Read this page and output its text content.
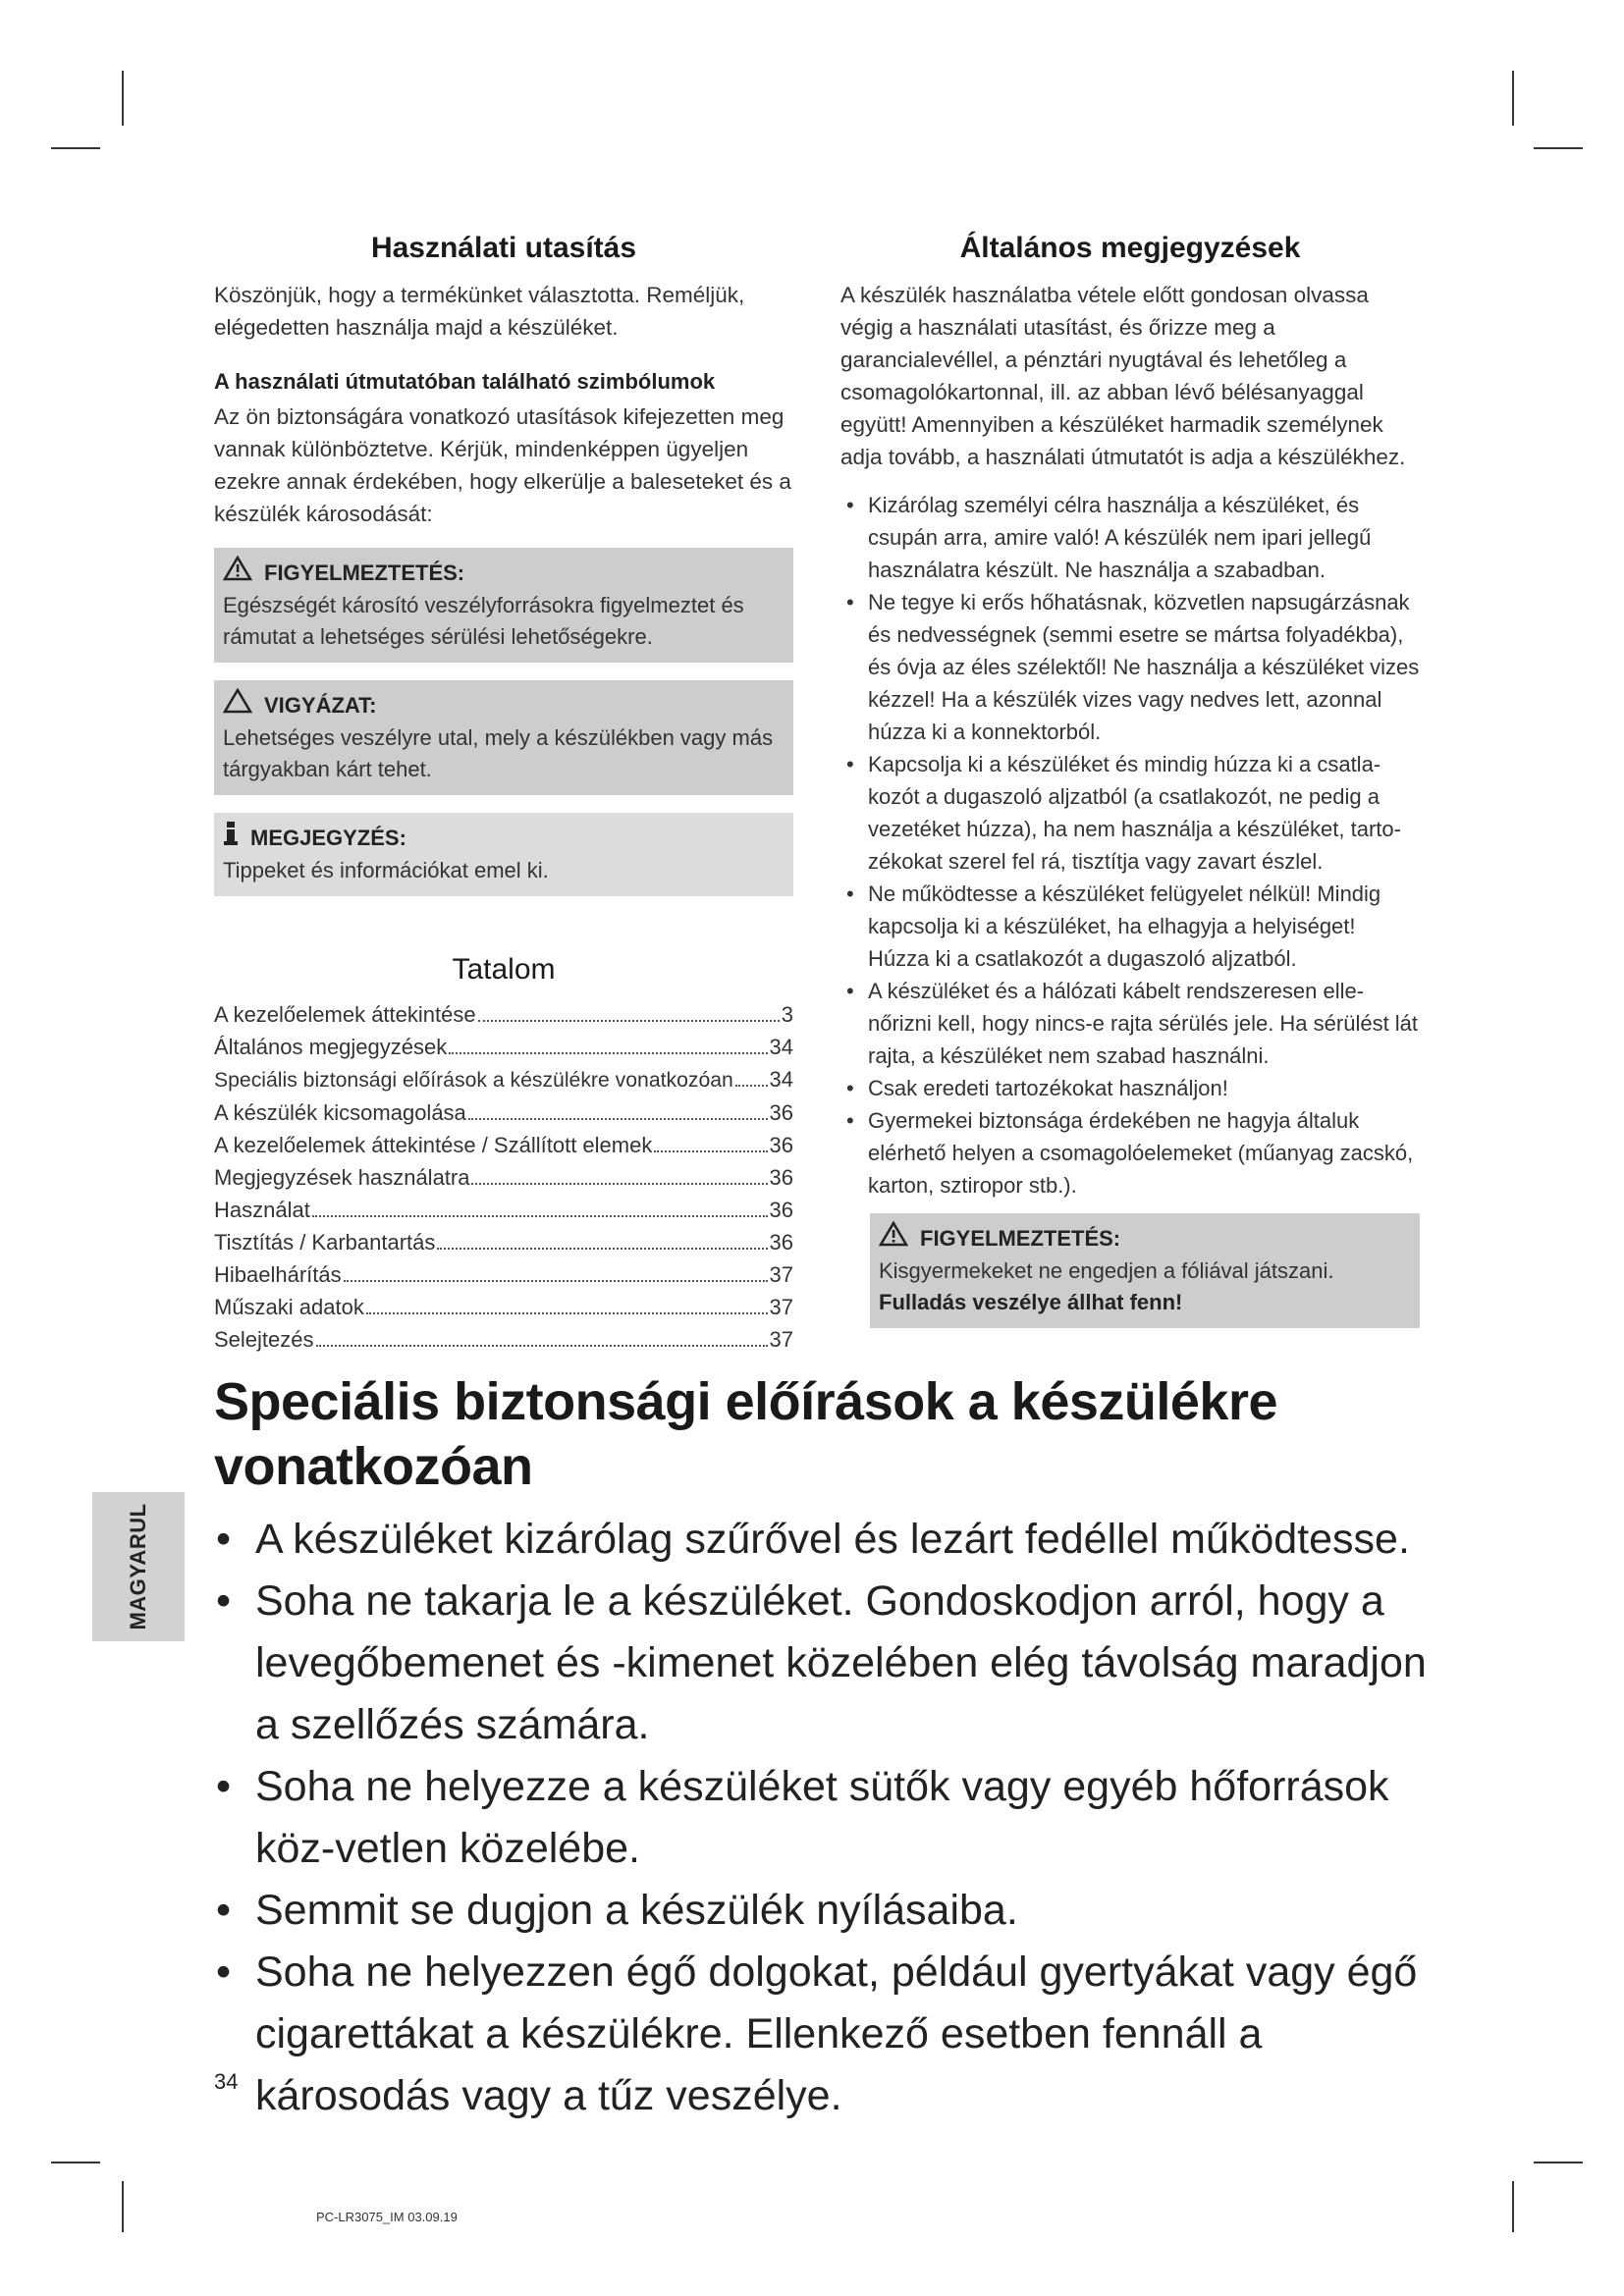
Használati utasítás

Köszönjük, hogy a termékünket választotta. Reméljük, elégedetten használja majd a készüléket.

A használati útmutatóban található szimbólumok

Az ön biztonságára vonatkozó utasítások kifejezetten meg vannak különböztetve. Kérjük, mindenképpen ügyeljen ezekre annak érdekében, hogy elkerülje a baleseteket és a készülék károsodását:

FIGYELMEZTETÉS:
Egészségét károsító veszélyforrásokra figyelmeztet és rámutat a lehetséges sérülési lehetőségekre.
VIGYÁZAT:
Lehetséges veszélyre utal, mely a készülékben vagy más tárgyakban kárt tehet.
MEGJEGYZÉS:
Tippeket és információkat emel ki.
Tatalom
A kezelőelemek áttekintése	3
Általános megjegyzések	34
Speciális biztonsági előírások a készülékre vonatkozóan 34
A készülék kicsomagolása	36
A kezelőelemek áttekintése / Szállított elemek	36
Megjegyzések használatra	36
Használat	36
Tisztítás / Karbantartás	36
Hibaelhárítás	37
Műszaki adatok	37
Selejtezés	37
Általános megjegyzések

A készülék használatba vétele előtt gondosan olvassa végig a használati utasítást, és őrizze meg a garancialevéllel, a pénztári nyugtával és lehetőleg a csomagolókartonnal, ill. az abban lévő bélésanyaggal együtt! Amennyiben a készüléket harmadik személynek adja tovább, a használati útmutatót is adja a készülékhez.

• Kizárólag személyi célra használja a készüléket, és csupán arra, amire való! A készülék nem ipari jellegű használatra készült. Ne használja a szabadban.
• Ne tegye ki erős hőhatásnak, közvetlen napsugárzásnak és nedvességnek (semmi esetre se mártsa folyadékba), és óvja az éles szélektől! Ne használja a készüléket vizes kézzel! Ha a készülék vizes vagy nedves lett, azonnal húzza ki a konnektorból.
• Kapcsolja ki a készüléket és mindig húzza ki a csatla-kozót a dugaszoló aljzatból (a csatlakozót, ne pedig a vezetéket húzza), ha nem használja a készüléket, tarto-zékokat szerel fel rá, tisztítja vagy zavart észlel.
• Ne működtesse a készüléket felügyelet nélkül! Mindig kapcsolja ki a készüléket, ha elhagyja a helyiséget! Húzza ki a csatlakozót a dugaszoló aljzatból.
• A készüléket és a hálózati kábelt rendszeresen elle-nőrizni kell, hogy nincs-e rajta sérülés jele. Ha sérülést lát rajta, a készüléket nem szabad használni.
• Csak eredeti tartozékokat használjon!
• Gyermekei biztonsága érdekében ne hagyja általuk elérhető helyen a csomagolóelemeket (műanyag zacskó, karton, sztiropor stb.).
FIGYELMEZTETÉS:
Kisgyermekeket ne engedjen a fóliával játszani.
Fulladás veszélye állhat fenn!
Speciális biztonsági előírások a készülékre vonatkozóan
• A készüléket kizárólag szűrővel és lezárt fedéllel működtesse.
• Soha ne takarja le a készüléket. Gondoskodjon arról, hogy a levegőbemenet és -kimenet közelében elég távolság maradjon a szellőzés számára.
• Soha ne helyezze a készüléket sütők vagy egyéb hőforrások köz-vetlen közelébe.
• Semmit se dugjon a készülék nyílásaiba.
• Soha ne helyezzen égő dolgokat, például gyertyákat vagy égő cigarettákat a készülékre. Ellenkező esetben fennáll a károsodás vagy a tűz veszélye.
MAGYARUL
34
PC-LR3075_IM 03.09.19
